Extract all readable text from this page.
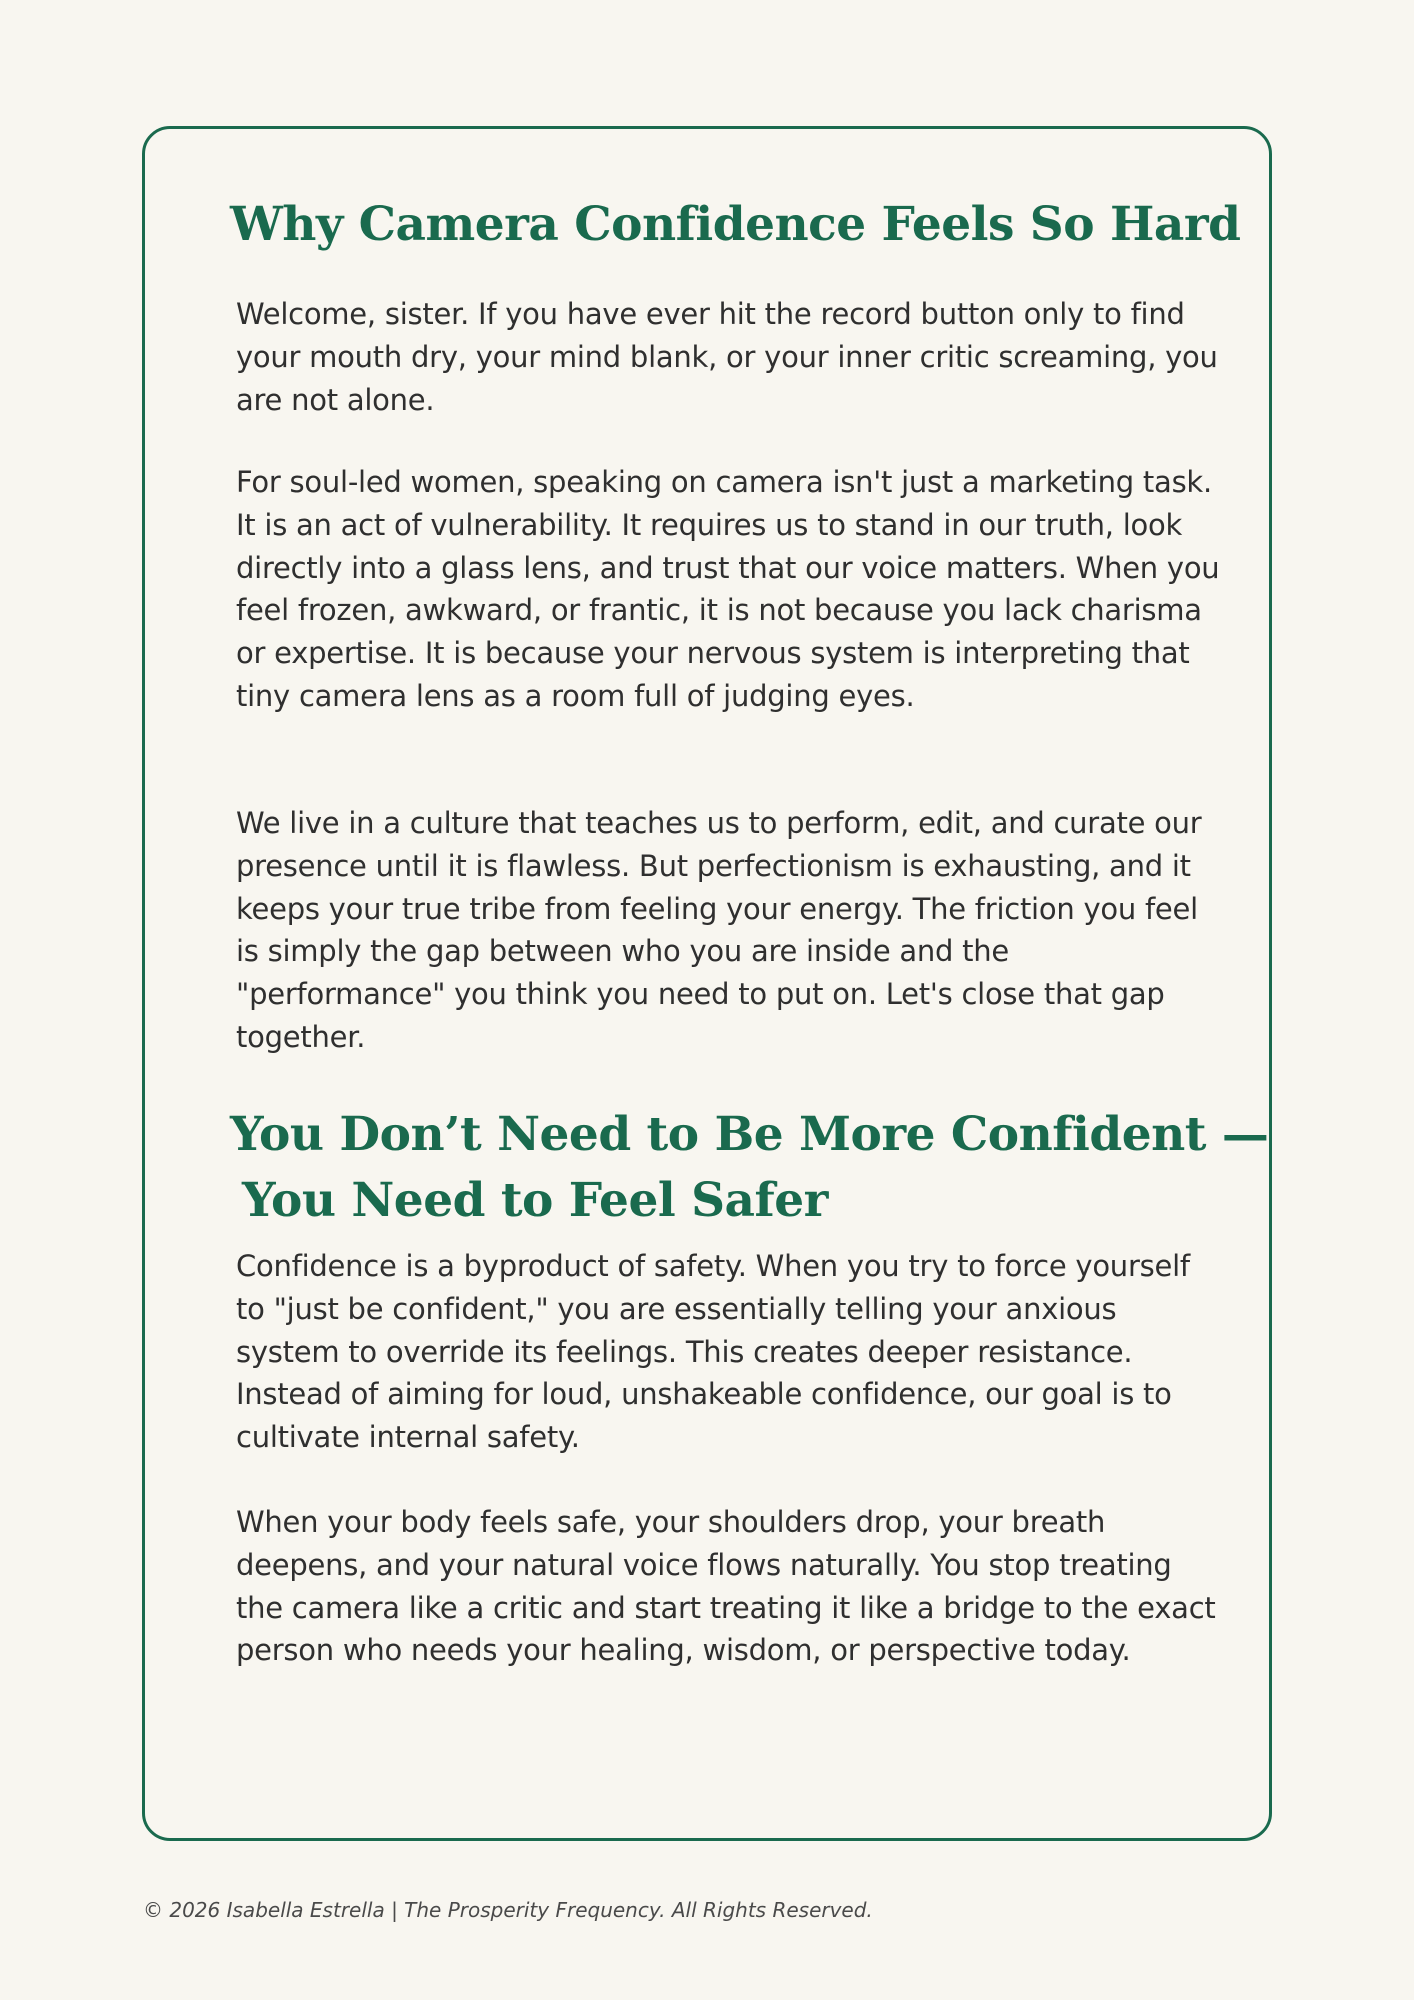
Why Camera Confidence Feels So Hard

Welcome, sister. If you have ever hit the record button only to find your mouth dry, your mind blank, or your inner critic screaming, you are not alone.

For soul-led women, speaking on camera isn't just a marketing task. It is an act of vulnerability. It requires us to stand in our truth, look directly into a glass lens, and trust that our voice matters. When you feel frozen, awkward, or frantic, it is not because you lack charisma or expertise. It is because your nervous system is interpreting that tiny camera lens as a room full of judging eyes.

We live in a culture that teaches us to perform, edit, and curate our presence until it is flawless. But perfectionism is exhausting, and it keeps your true tribe from feeling your energy. The friction you feel is simply the gap between who you are inside and the "performance" you think you need to put on. Let's close that gap together.

You Don’t Need to Be More Confident —
You Need to Feel Safer

Confidence is a byproduct of safety. When you try to force yourself to "just be confident," you are essentially telling your anxious system to override its feelings. This creates deeper resistance. Instead of aiming for loud, unshakeable confidence, our goal is to cultivate internal safety.

When your body feels safe, your shoulders drop, your breath deepens, and your natural voice flows naturally. You stop treating the camera like a critic and start treating it like a bridge to the exact person who needs your healing, wisdom, or perspective today.

© 2026 Isabella Estrella | The Prosperity Frequency. All Rights Reserved.
